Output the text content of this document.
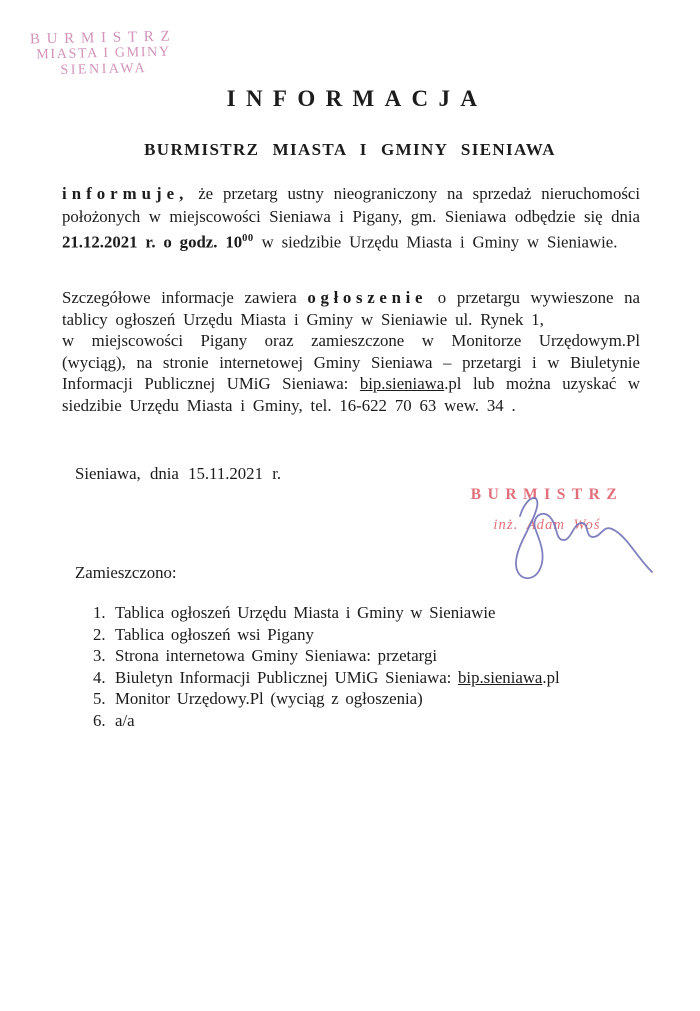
BURMISTRZ
MIASTA I GMINY
SIENIAWA
INFORMACJA
BURMISTRZ MIASTA I GMINY SIENIAWA
informuje, że przetarg ustny nieograniczony na sprzedaż nieruchomości położonych w miejscowości Sieniawa i Pigany, gm. Sieniawa odbędzie się dnia 21.12.2021 r. o godz. $10^{00}$ w siedzibie Urzędu Miasta i Gminy w Sieniawie.
Szczegółowe informacje zawiera ogłoszenie o przetargu wywieszone na tablicy ogłoszeń Urzędu Miasta i Gminy w Sieniawie ul. Rynek 1,
w miejscowości Pigany oraz zamieszczone w Monitorze Urzędowym.Pl (wyciąg), na stronie internetowej Gminy Sieniawa – przetargi i w Biuletynie Informacji Publicznej UMiG Sieniawa: bip.sieniawa.pl lub można uzyskać w siedzibie Urzędu Miasta i Gminy, tel. 16-622 70 63 wew. 34 .
Sieniawa, dnia 15.11.2021 r.
BURMISTRZ
inż. Adam Woś
Zamieszczono:
1. Tablica ogłoszeń Urzędu Miasta i Gminy w Sieniawie
2. Tablica ogłoszeń wsi Pigany
3. Strona internetowa Gminy Sieniawa: przetargi
4. Biuletyn Informacji Publicznej UMiG Sieniawa: bip.sieniawa.pl
5. Monitor Urzędowy.Pl (wyciąg z ogłoszenia)
6. a/a
